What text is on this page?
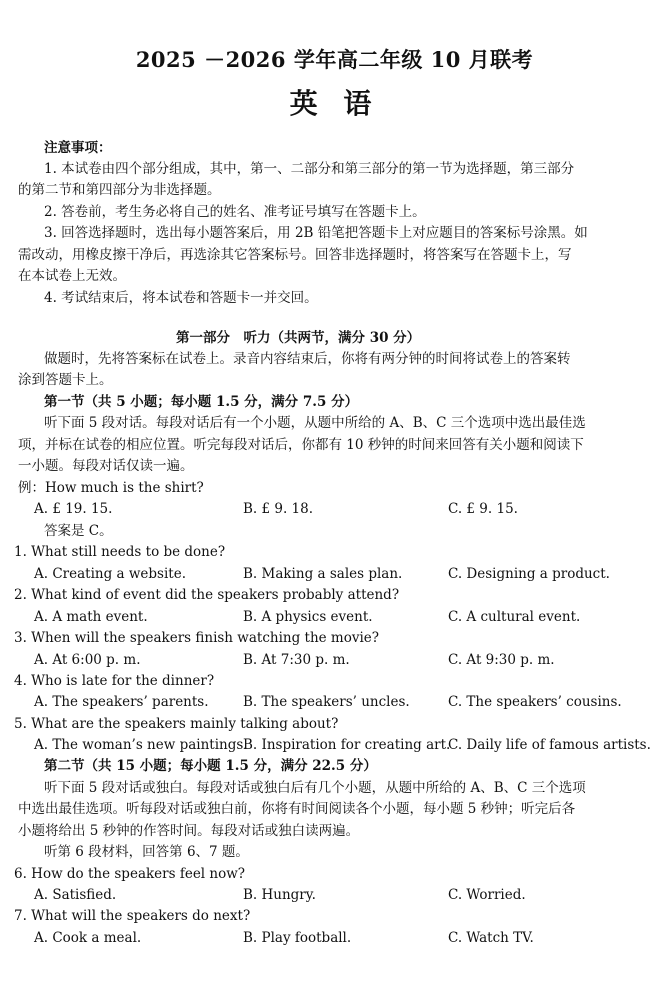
2025 －2026 学年高二年级 10 月联考
英 语
注意事项：
1. 本试卷由四个部分组成，其中，第一、二部分和第三部分的第一节为选择题，第三部分
的第二节和第四部分为非选择题。
2. 答卷前，考生务必将自己的姓名、准考证号填写在答题卡上。
3. 回答选择题时，选出每小题答案后，用 2B 铅笔把答题卡上对应题目的答案标号涂黑。如
需改动，用橡皮擦干净后，再选涂其它答案标号。回答非选择题时，将答案写在答题卡上，写
在本试卷上无效。
4. 考试结束后，将本试卷和答题卡一并交回。
第一部分　听力（共两节，满分 30 分）
做题时，先将答案标在试卷上。录音内容结束后，你将有两分钟的时间将试卷上的答案转
涂到答题卡上。
第一节（共 5 小题；每小题 1.5 分，满分 7.5 分）
听下面 5 段对话。每段对话后有一个小题，从题中所给的 A、B、C 三个选项中选出最佳选
项，并标在试卷的相应位置。听完每段对话后，你都有 10 秒钟的时间来回答有关小题和阅读下
一小题。每段对话仅读一遍。
例：How much is the shirt?
A. £ 19. 15.	B. £ 9. 18.	C. £ 9. 15.
答案是 C。
1. What still needs to be done?
A. Creating a website.	B. Making a sales plan.	C. Designing a product.
2. What kind of event did the speakers probably attend?
A. A math event.	B. A physics event.	C. A cultural event.
3. When will the speakers finish watching the movie?
A. At 6:00 p. m.	B. At 7:30 p. m.	C. At 9:30 p. m.
4. Who is late for the dinner?
A. The speakers’ parents.	B. The speakers’ uncles.	C. The speakers’ cousins.
5. What are the speakers mainly talking about?
A. The woman’s new paintings.
B. Inspiration for creating art.
C. Daily life of famous artists.
第二节（共 15 小题；每小题 1.5 分，满分 22.5 分）
听下面 5 段对话或独白。每段对话或独白后有几个小题，从题中所给的 A、B、C 三个选项
中选出最佳选项。听每段对话或独白前，你将有时间阅读各个小题，每小题 5 秒钟；听完后各
小题将给出 5 秒钟的作答时间。每段对话或独白读两遍。
听第 6 段材料，回答第 6、7 题。
6. How do the speakers feel now?
A. Satisfied.	B. Hungry.	C. Worried.
7. What will the speakers do next?
A. Cook a meal.	B. Play football.	C. Watch TV.
